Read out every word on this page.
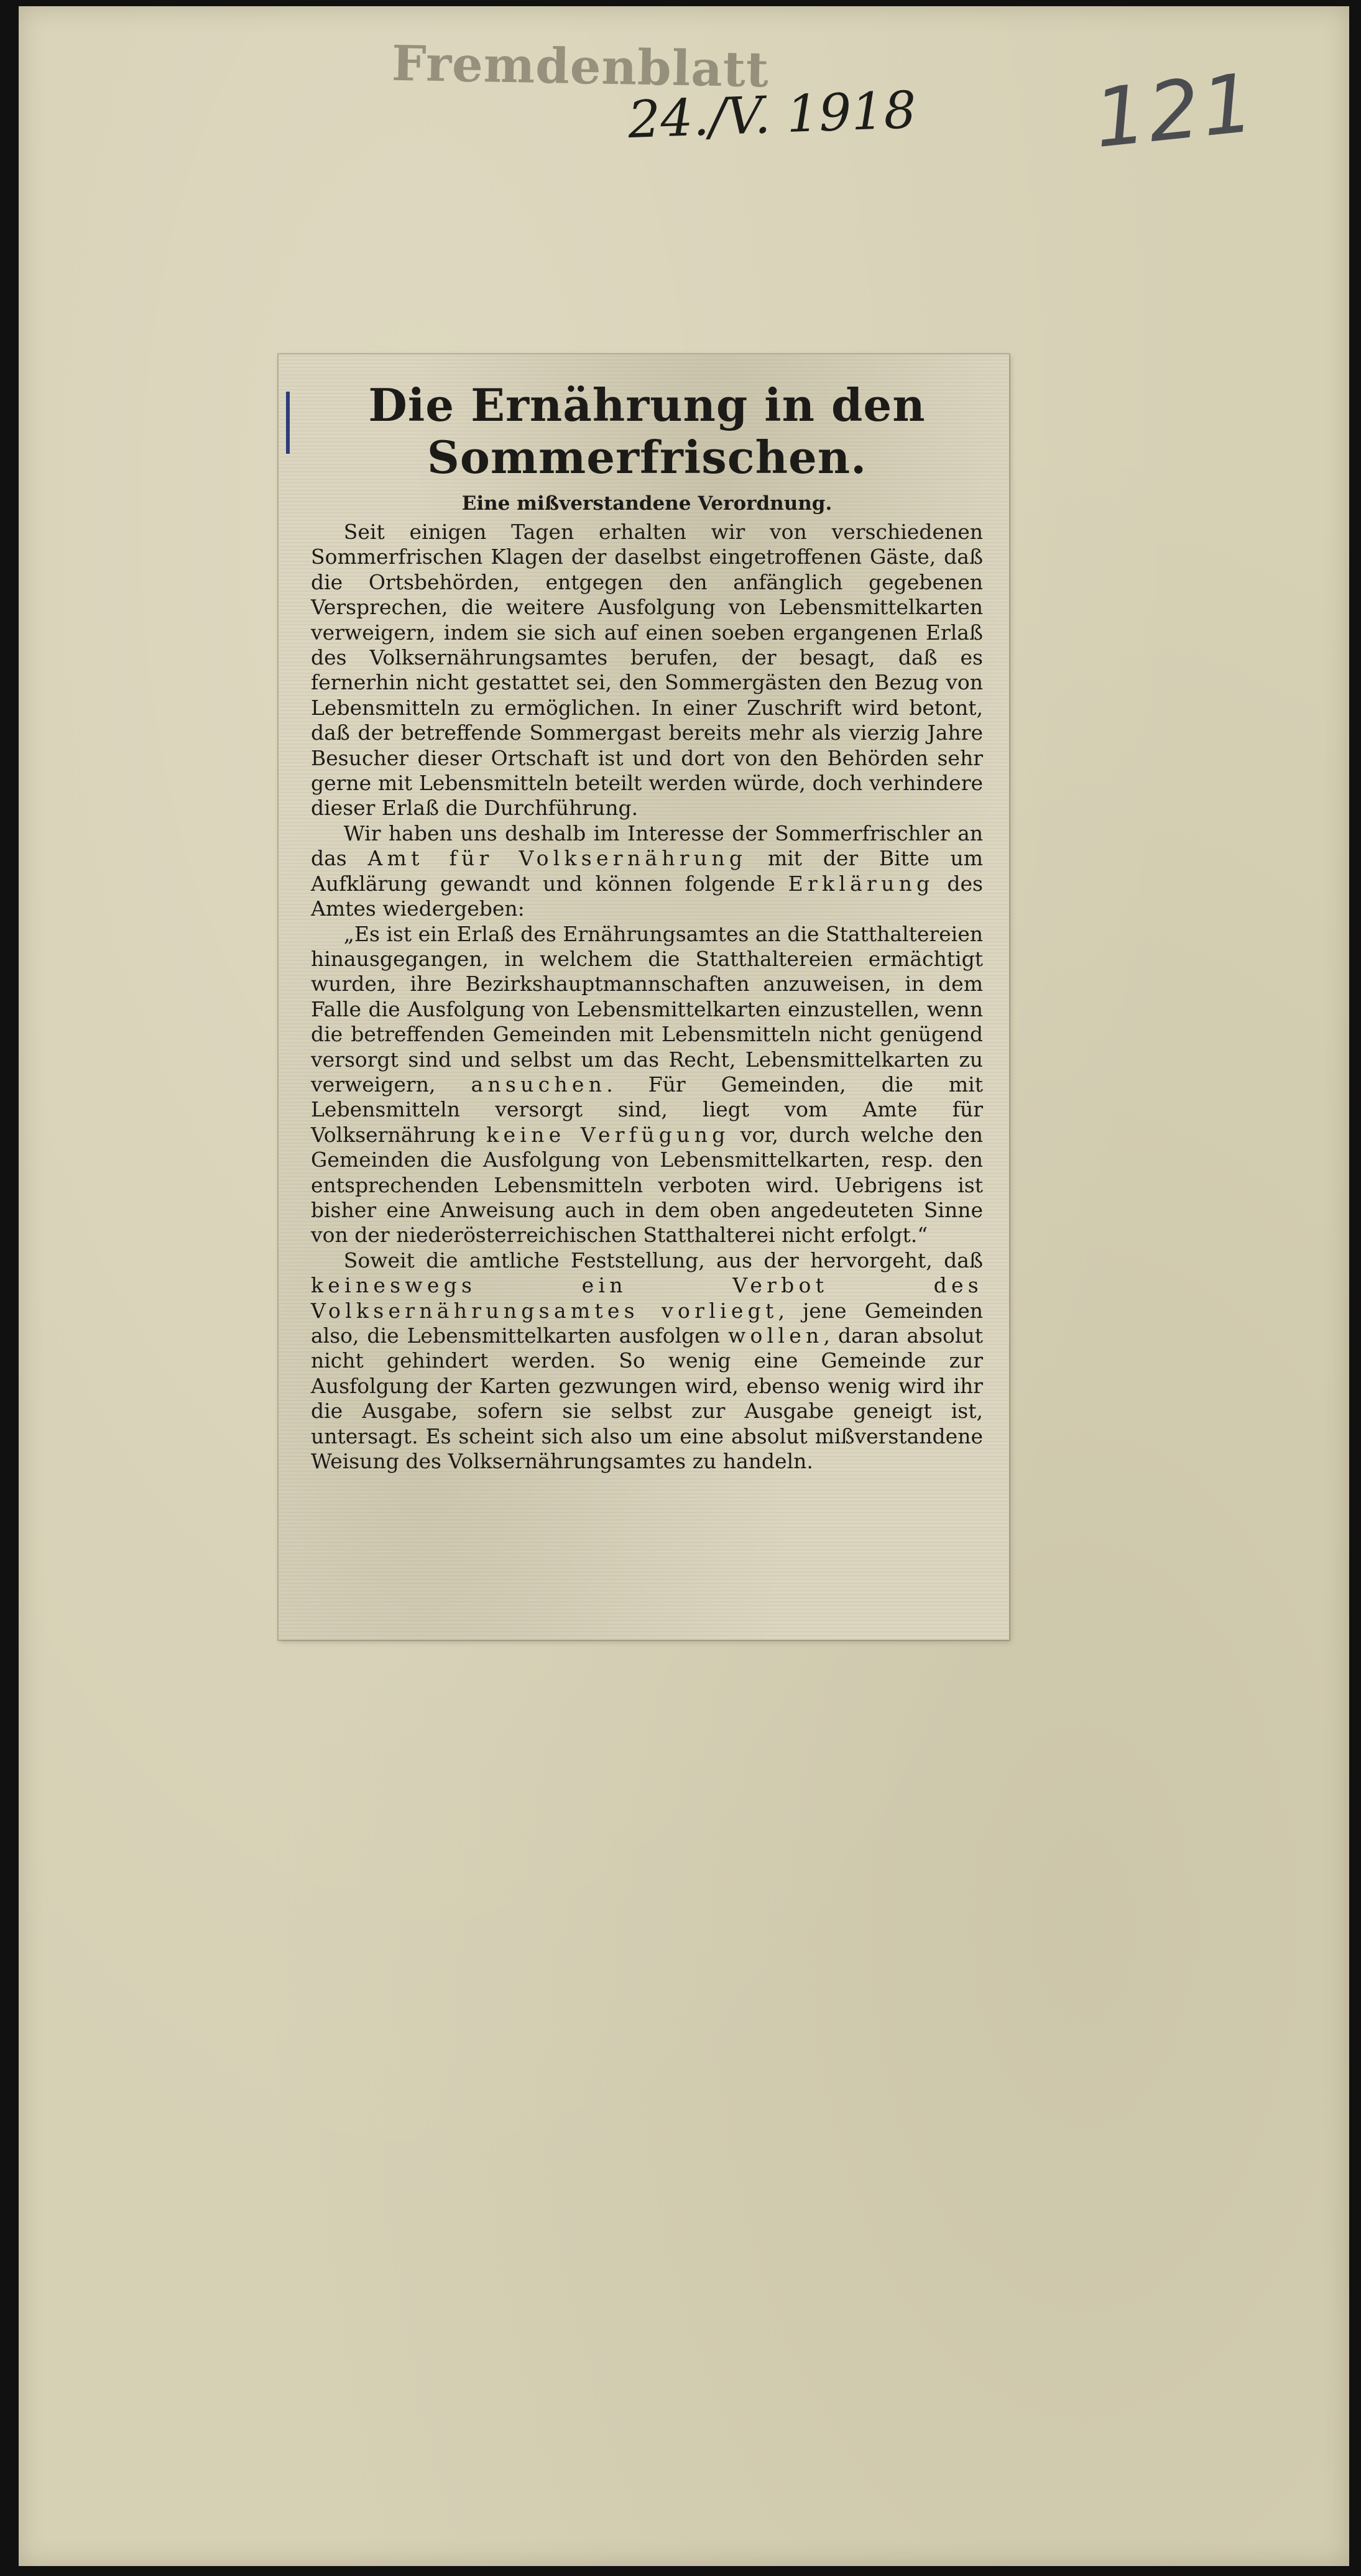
Fremdenblatt
24./V. 1918 121
Die Ernährung in den Sommerfrischen.
Eine mißverstandene Verordnung.

Seit einigen Tagen erhalten wir von verschiedenen Sommerfrischen Klagen der daselbst eingetroffenen Gäste, daß die Ortsbehörden, entgegen den anfänglich gegebenen Versprechen, die weitere Ausfolgung von Lebensmittelkarten verweigern, indem sie sich auf einen soeben ergangenen Erlaß des Volksernährungsamtes berufen, der besagt, daß es fernerhin nicht gestattet sei, den Sommergästen den Bezug von Lebensmitteln zu ermöglichen. In einer Zuschrift wird betont, daß der betreffende Sommergast bereits mehr als vierzig Jahre Besucher dieser Ortschaft ist und dort von den Behörden sehr gerne mit Lebensmitteln beteilt werden würde, doch verhindere dieser Erlaß die Durchführung.

Wir haben uns deshalb im Interesse der Sommerfrischler an das Amt für Volksernährung mit der Bitte um Aufklärung gewandt und können folgende Erklärung des Amtes wiedergeben:

„Es ist ein Erlaß des Ernährungsamtes an die Statthaltereien hinausgegangen, in welchem die Statthaltereien ermächtigt wurden, ihre Bezirkshauptmannschaften anzuweisen, in dem Falle die Ausfolgung von Lebensmittelkarten einzustellen, wenn die betreffenden Gemeinden mit Lebensmitteln nicht genügend versorgt sind und selbst um das Recht, Lebensmittelkarten zu verweigern, ansuchen. Für Gemeinden, die mit Lebensmitteln versorgt sind, liegt vom Amte für Volksernährung keine Verfügung vor, durch welche den Gemeinden die Ausfolgung von Lebensmittelkarten, resp. den entsprechenden Lebensmitteln verboten wird. Uebrigens ist bisher eine Anweisung auch in dem oben angedeuteten Sinne von der niederösterreichischen Statthalterei nicht erfolgt.“

Soweit die amtliche Feststellung, aus der hervorgeht, daß keineswegs ein Verbot des Volksernährungsamtes vorliegt, jene Gemeinden also, die Lebensmittelkarten ausfolgen wollen, daran absolut nicht gehindert werden. So wenig eine Gemeinde zur Ausfolgung der Karten gezwungen wird, ebenso wenig wird ihr die Ausgabe, sofern sie selbst zur Ausgabe geneigt ist, untersagt. Es scheint sich also um eine absolut mißverstandene Weisung des Volksernährungsamtes zu handeln.
